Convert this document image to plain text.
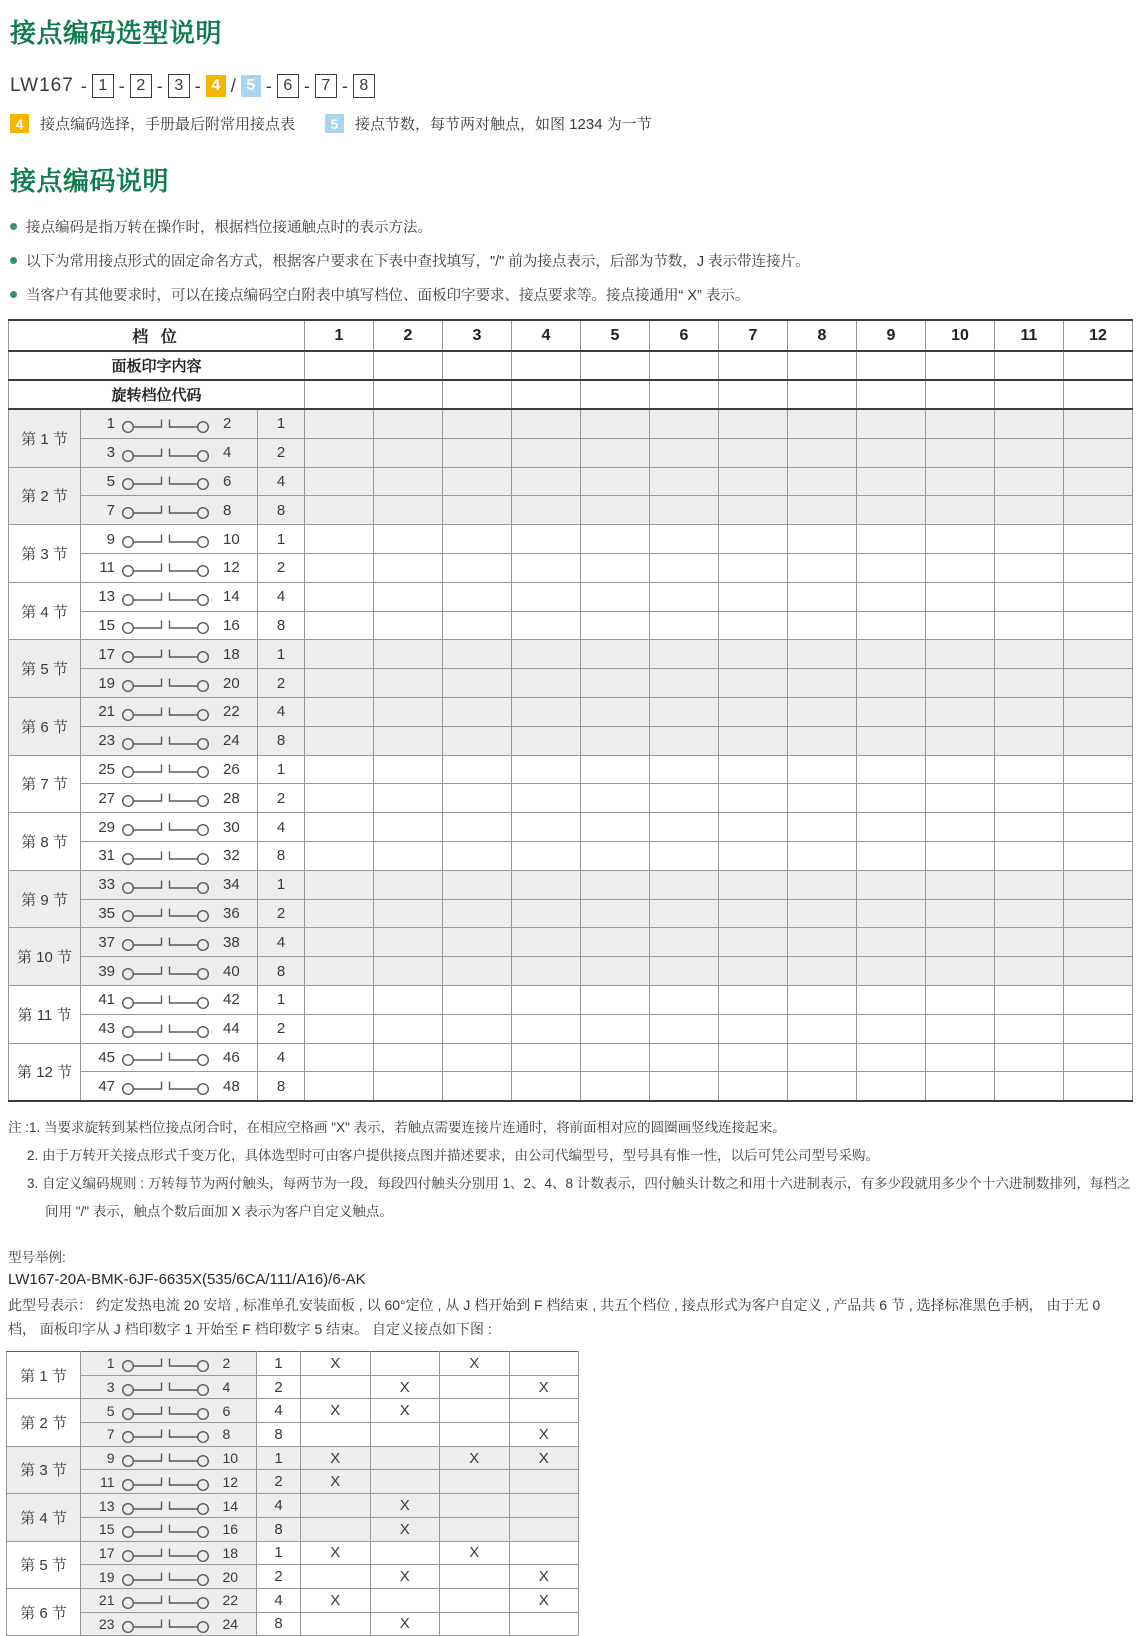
接点编码选型说明
LW167 - 1 - 2 - 3 - 4 / 5 - 6 - 7 - 8
4	接点编码选择，手册最后附常用接点表	5	接点节数，每节两对触点，如图 1234 为一节
接点编码说明
接点编码是指万转在操作时，根据档位接通触点时的表示方法。
以下为常用接点形式的固定命名方式，根据客户要求在下表中查找填写，"/" 前为接点表示，后部为节数，J 表示带连接片。
当客户有其他要求时，可以在接点编码空白附表中填写档位、面板印字要求、接点要求等。接点接通用“ X” 表示。
档 位			1	2	3	4	5	6	7	8	9	10	11	12
面板印字内容														
旋转档位代码														
第 1 节	1 2	1												

	3 4	2												
第 2 节	5 6	4												

	7 8	8												
第 3 节	9 10	1												

	11 12	2												
第 4 节	13 14	4												

	15 16	8												
第 5 节	17 18	1												

	19 20	2												
第 6 节	21 22	4												

	23 24	8												
第 7 节	25 26	1												

	27 28	2												
第 8 节	29 30	4												

	31 32	8												
第 9 节	33 34	1												

	35 36	2												
第 10 节	37 38	4												

	39 40	8												
第 11 节	41 42	1												

	43 44	2												
第 12 节	45 46	4												

	47 48	8												
注 :1. 当要求旋转到某档位接点闭合时，在相应空格画 "X" 表示，若触点需要连接片连通时，将前面相对应的圆圈画竖线连接起来。
2. 由于万转开关接点形式千变万化，具体选型时可由客户提供接点图并描述要求，由公司代编型号，型号具有惟一性，以后可凭公司型号采购。
3. 自定义编码规则 : 万转每节为两付触头，每两节为一段，每段四付触头分别用 1、2、4、8 计数表示，四付触头计数之和用十六进制表示，有多少段就用多少个十六进制数排列，每档之间用 "/" 表示，触点个数后面加 X 表示为客户自定义触点。
型号举例:
LW167-20A-BMK-6JF-6635X(535/6CA/111/A16)/6-AK
此型号表示： 约定发热电流 20 安培 , 标准单孔安装面板 , 以 60°定位 , 从 J 档开始到 F 档结束 , 共五个档位 , 接点形式为客户自定义 , 产品共 6 节 , 选择标准黑色手柄， 由于无 0 档， 面板印字从 J 档印数字 1 开始至 F 档印数字 5 结束。 自定义接点如下图 :
第 1 节	1 2	1	X		X	

	3 4	2		X		X
第 2 节	5 6	4	X	X		

	7 8	8				X
第 3 节	9 10	1	X		X	X

	11 12	2	X			
第 4 节	13 14	4		X		

	15 16	8		X		
第 5 节	17 18	1	X		X	

	19 20	2		X		X
第 6 节	21 22	4	X			X

	23 24	8		X		
